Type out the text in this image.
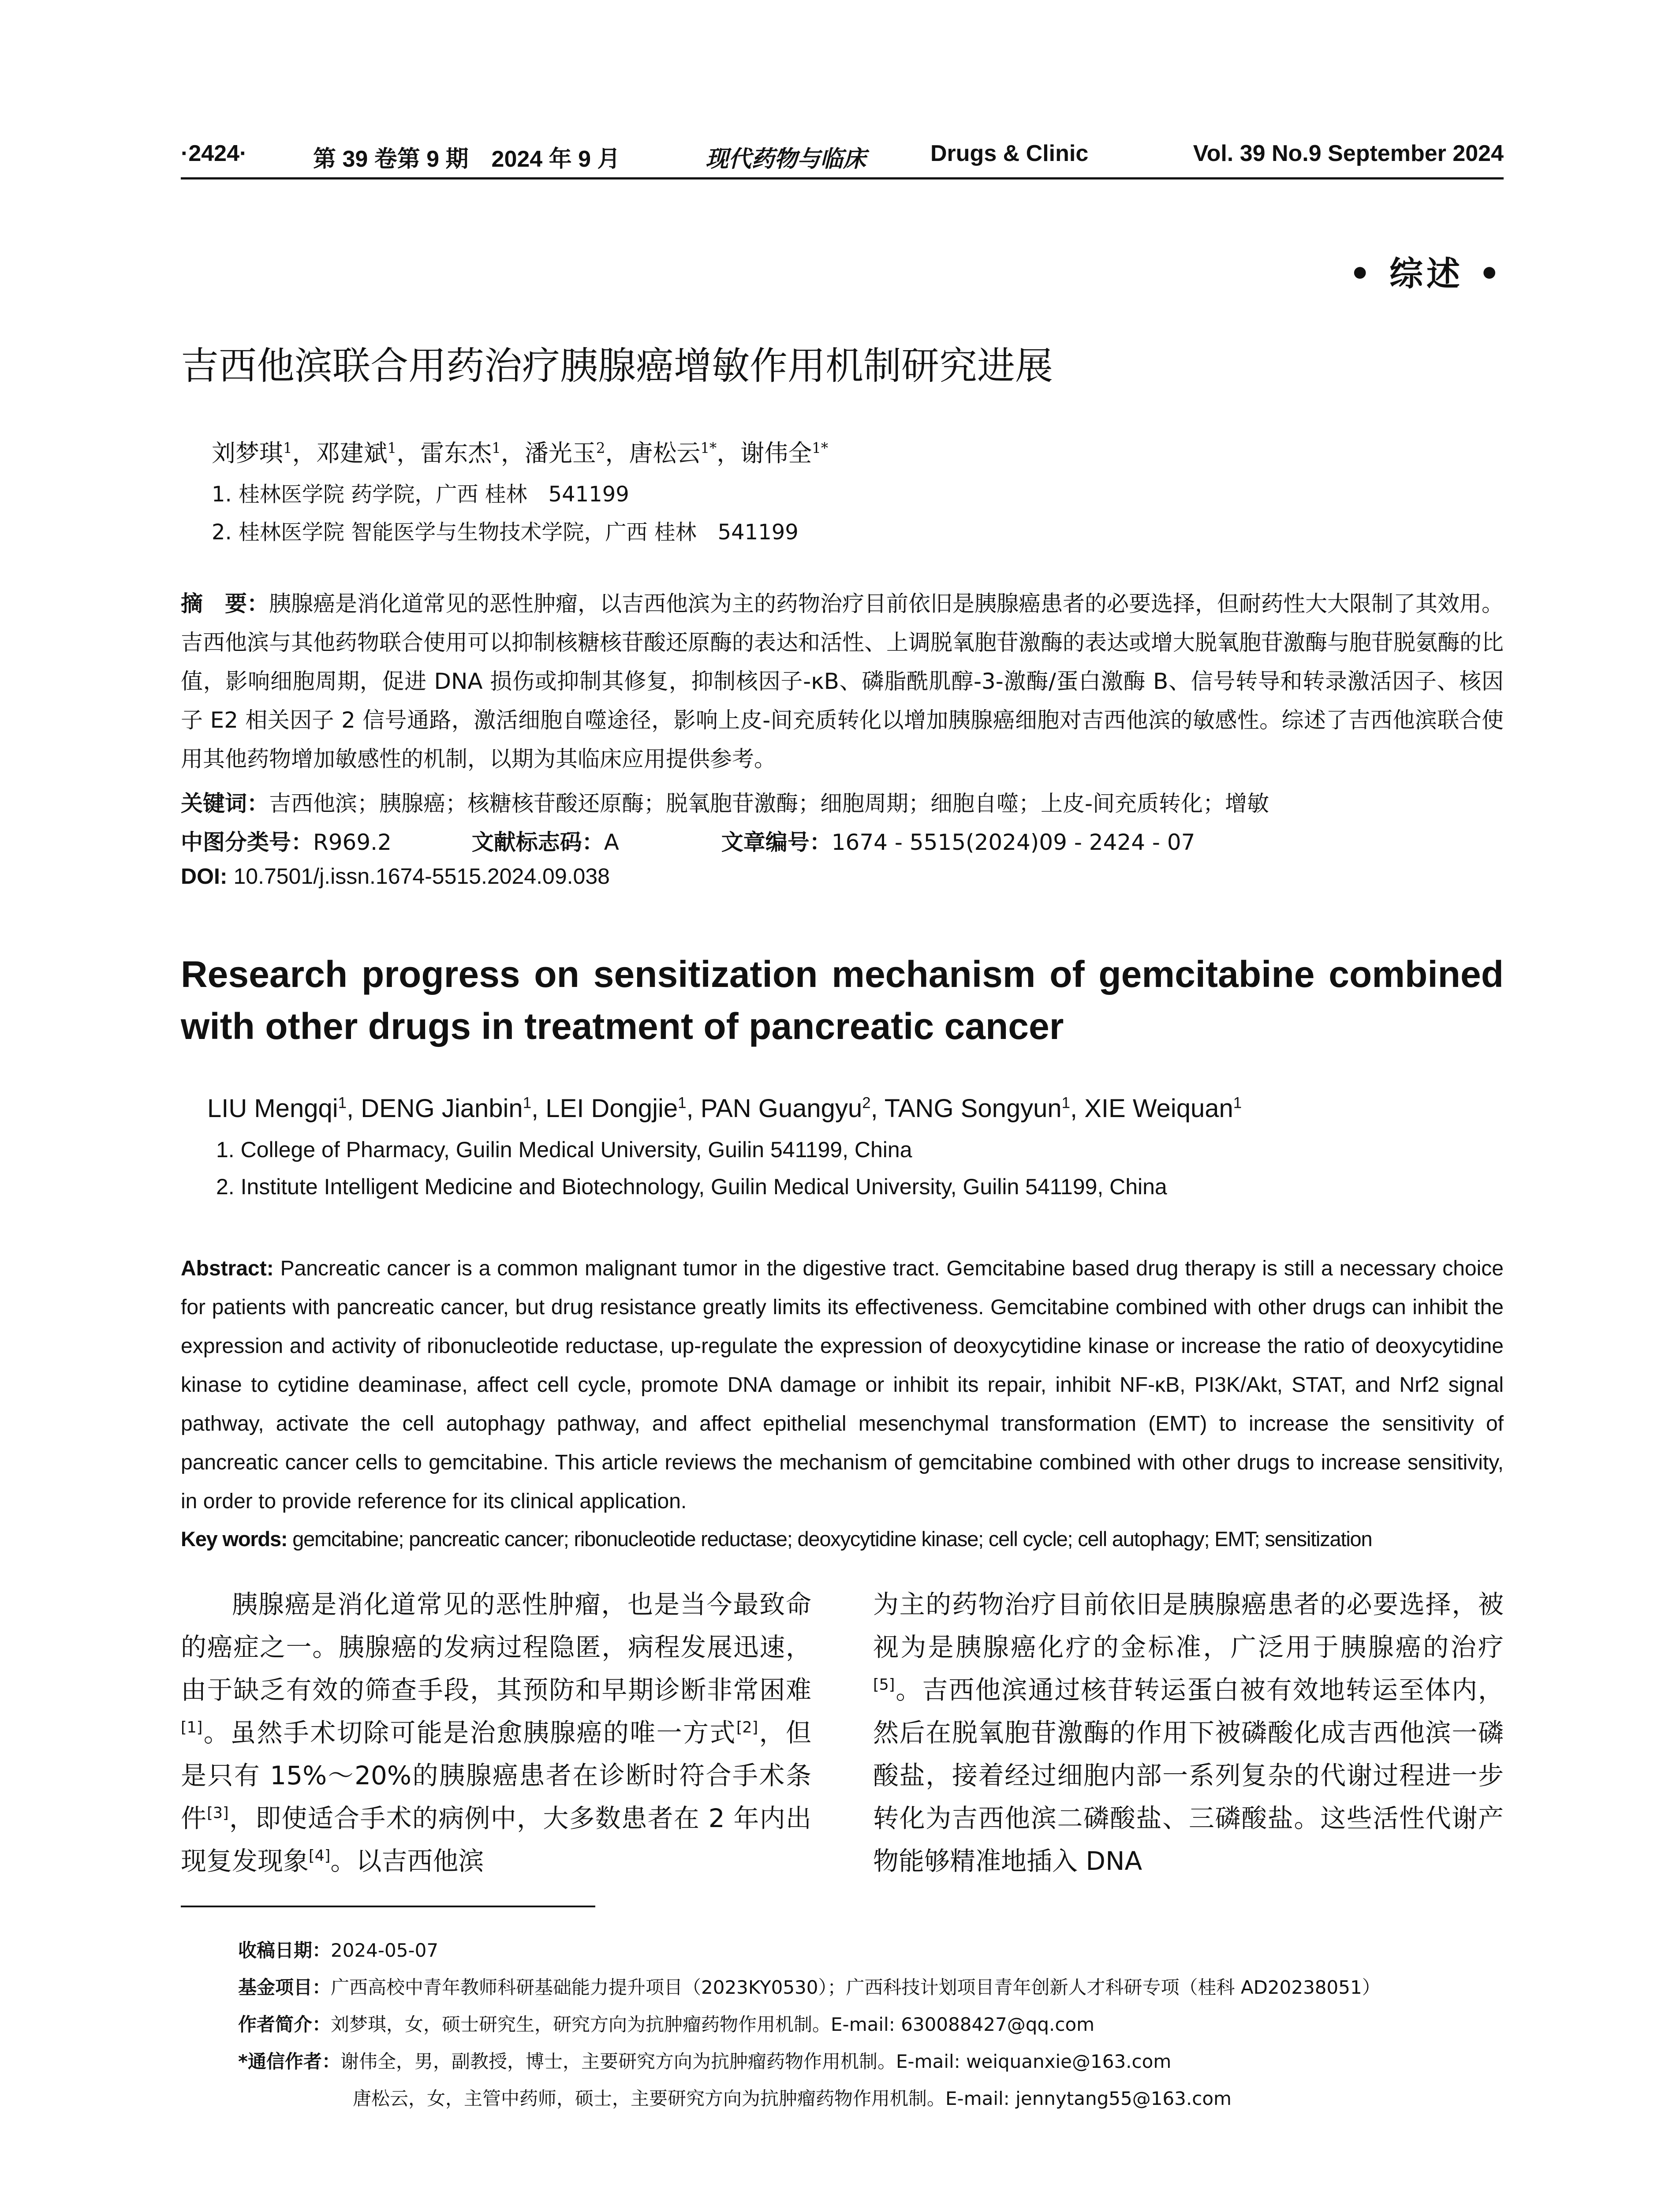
·2424·	第 39 卷第 9 期　2024 年 9 月	现代药物与临床	Drugs & Clinic	Vol. 39 No.9 September 2024
• 综述 •
吉西他滨联合用药治疗胰腺癌增敏作用机制研究进展
刘梦琪$^1$，邓建斌$^1$，雷东杰$^1$，潘光玉$^2$，唐松云$^{1*}$，谢伟全$^{1*}$
1. 桂林医学院 药学院，广西 桂林　541199
2. 桂林医学院 智能医学与生物技术学院，广西 桂林　541199
摘　要：胰腺癌是消化道常见的恶性肿瘤，以吉西他滨为主的药物治疗目前依旧是胰腺癌患者的必要选择，但耐药性大大限制了其效用。吉西他滨与其他药物联合使用可以抑制核糖核苷酸还原酶的表达和活性、上调脱氧胞苷激酶的表达或增大脱氧胞苷激酶与胞苷脱氨酶的比值，影响细胞周期，促进 DNA 损伤或抑制其修复，抑制核因子-κB、磷脂酰肌醇-3-激酶/蛋白激酶 B、信号转导和转录激活因子、核因子 E2 相关因子 2 信号通路，激活细胞自噬途径，影响上皮-间充质转化以增加胰腺癌细胞对吉西他滨的敏感性。综述了吉西他滨联合使用其他药物增加敏感性的机制，以期为其临床应用提供参考。
关键词：吉西他滨；胰腺癌；核糖核苷酸还原酶；脱氧胞苷激酶；细胞周期；细胞自噬；上皮-间充质转化；增敏
中图分类号：R969.2	文献标志码：A	文章编号：1674 - 5515(2024)09 - 2424 - 07
DOI: 10.7501/j.issn.1674-5515.2024.09.038
Research progress on sensitization mechanism of gemcitabine combined with other drugs in treatment of pancreatic cancer
LIU Mengqi$^1$, DENG Jianbin$^1$, LEI Dongjie$^1$, PAN Guangyu$^2$, TANG Songyun$^1$, XIE Weiquan$^1$
1. College of Pharmacy, Guilin Medical University, Guilin 541199, China
2. Institute Intelligent Medicine and Biotechnology, Guilin Medical University, Guilin 541199, China
Abstract: Pancreatic cancer is a common malignant tumor in the digestive tract. Gemcitabine based drug therapy is still a necessary choice for patients with pancreatic cancer, but drug resistance greatly limits its effectiveness. Gemcitabine combined with other drugs can inhibit the expression and activity of ribonucleotide reductase, up-regulate the expression of deoxycytidine kinase or increase the ratio of deoxycytidine kinase to cytidine deaminase, affect cell cycle, promote DNA damage or inhibit its repair, inhibit NF-κB, PI3K/Akt, STAT, and Nrf2 signal pathway, activate the cell autophagy pathway, and affect epithelial mesenchymal transformation (EMT) to increase the sensitivity of pancreatic cancer cells to gemcitabine. This article reviews the mechanism of gemcitabine combined with other drugs to increase sensitivity, in order to provide reference for its clinical application.
Key words: gemcitabine; pancreatic cancer; ribonucleotide reductase; deoxycytidine kinase; cell cycle; cell autophagy; EMT; sensitization
胰腺癌是消化道常见的恶性肿瘤，也是当今最致命的癌症之一。胰腺癌的发病过程隐匿，病程发展迅速，由于缺乏有效的筛查手段，其预防和早期诊断非常困难[1]。虽然手术切除可能是治愈胰腺癌的唯一方式[2]，但是只有 15%～20%的胰腺癌患者在诊断时符合手术条件[3]，即使适合手术的病例中，大多数患者在 2 年内出现复发现象[4]。以吉西他滨
为主的药物治疗目前依旧是胰腺癌患者的必要选择，被视为是胰腺癌化疗的金标准，广泛用于胰腺癌的治疗[5]。吉西他滨通过核苷转运蛋白被有效地转运至体内，然后在脱氧胞苷激酶的作用下被磷酸化成吉西他滨一磷酸盐，接着经过细胞内部一系列复杂的代谢过程进一步转化为吉西他滨二磷酸盐、三磷酸盐。这些活性代谢产物能够精准地插入 DNA
收稿日期：2024-05-07
基金项目：广西高校中青年教师科研基础能力提升项目（2023KY0530）；广西科技计划项目青年创新人才科研专项（桂科 AD20238051）
作者简介：刘梦琪，女，硕士研究生，研究方向为抗肿瘤药物作用机制。E-mail: 630088427@qq.com
*通信作者：谢伟全，男，副教授，博士，主要研究方向为抗肿瘤药物作用机制。E-mail: weiquanxie@163.com
唐松云，女，主管中药师，硕士，主要研究方向为抗肿瘤药物作用机制。E-mail: jennytang55@163.com
